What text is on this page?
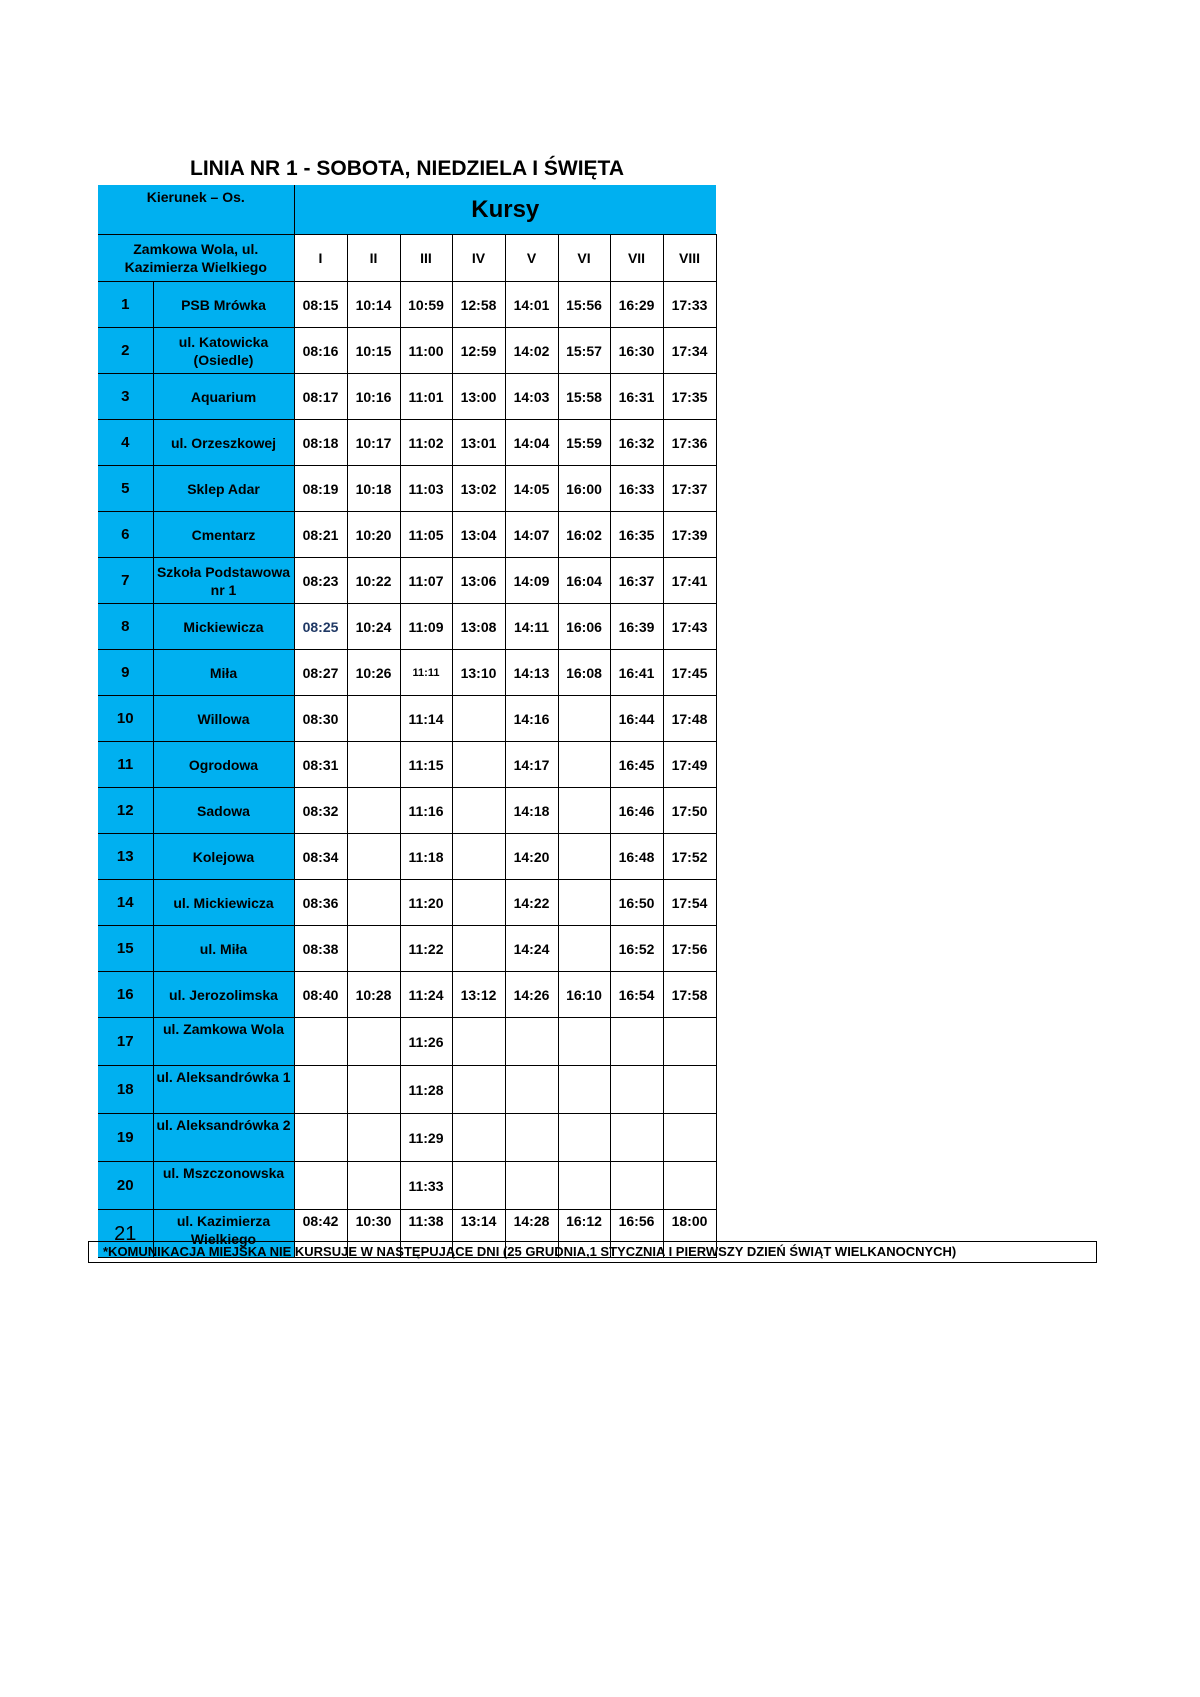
LINIA NR 1 - SOBOTA, NIEDZIELA I ŚWIĘTA
Kierunek – Os.		Kursy							
Zamkowa Wola, ul. Kazimierza Wielkiego		I	II	III	IV	V	VI	VII	VIII
1	PSB Mrówka	08:15	10:14	10:59	12:58	14:01	15:56	16:29	17:33
2	ul. Katowicka (Osiedle)	08:16	10:15	11:00	12:59	14:02	15:57	16:30	17:34
3	Aquarium	08:17	10:16	11:01	13:00	14:03	15:58	16:31	17:35
4	ul. Orzeszkowej	08:18	10:17	11:02	13:01	14:04	15:59	16:32	17:36
5	Sklep Adar	08:19	10:18	11:03	13:02	14:05	16:00	16:33	17:37
6	Cmentarz	08:21	10:20	11:05	13:04	14:07	16:02	16:35	17:39
7	Szkoła Podstawowa nr 1	08:23	10:22	11:07	13:06	14:09	16:04	16:37	17:41
8	Mickiewicza	08:25	10:24	11:09	13:08	14:11	16:06	16:39	17:43
9	Miła	08:27	10:26	11:11	13:10	14:13	16:08	16:41	17:45
10	Willowa	08:30		11:14		14:16		16:44	17:48
11	Ogrodowa	08:31		11:15		14:17		16:45	17:49
12	Sadowa	08:32		11:16		14:18		16:46	17:50
13	Kolejowa	08:34		11:18		14:20		16:48	17:52
14	ul. Mickiewicza	08:36		11:20		14:22		16:50	17:54
15	ul. Miła	08:38		11:22		14:24		16:52	17:56
16	ul. Jerozolimska	08:40	10:28	11:24	13:12	14:26	16:10	16:54	17:58
17	ul. Zamkowa Wola			11:26					
18	ul. Aleksandrówka 1			11:28					
19	ul. Aleksandrówka 2			11:29					
20	ul. Mszczonowska			11:33					
21	ul. Kazimierza Wielkiego	08:42	10:30	11:38	13:14	14:28	16:12	16:56	18:00
*KOMUNIKACJA MIEJSKA NIE KURSUJE W NASTĘPUJĄCE DNI (25 GRUDNIA,1 STYCZNIA I PIERWSZY DZIEŃ ŚWIĄT WIELKANOCNYCH)
